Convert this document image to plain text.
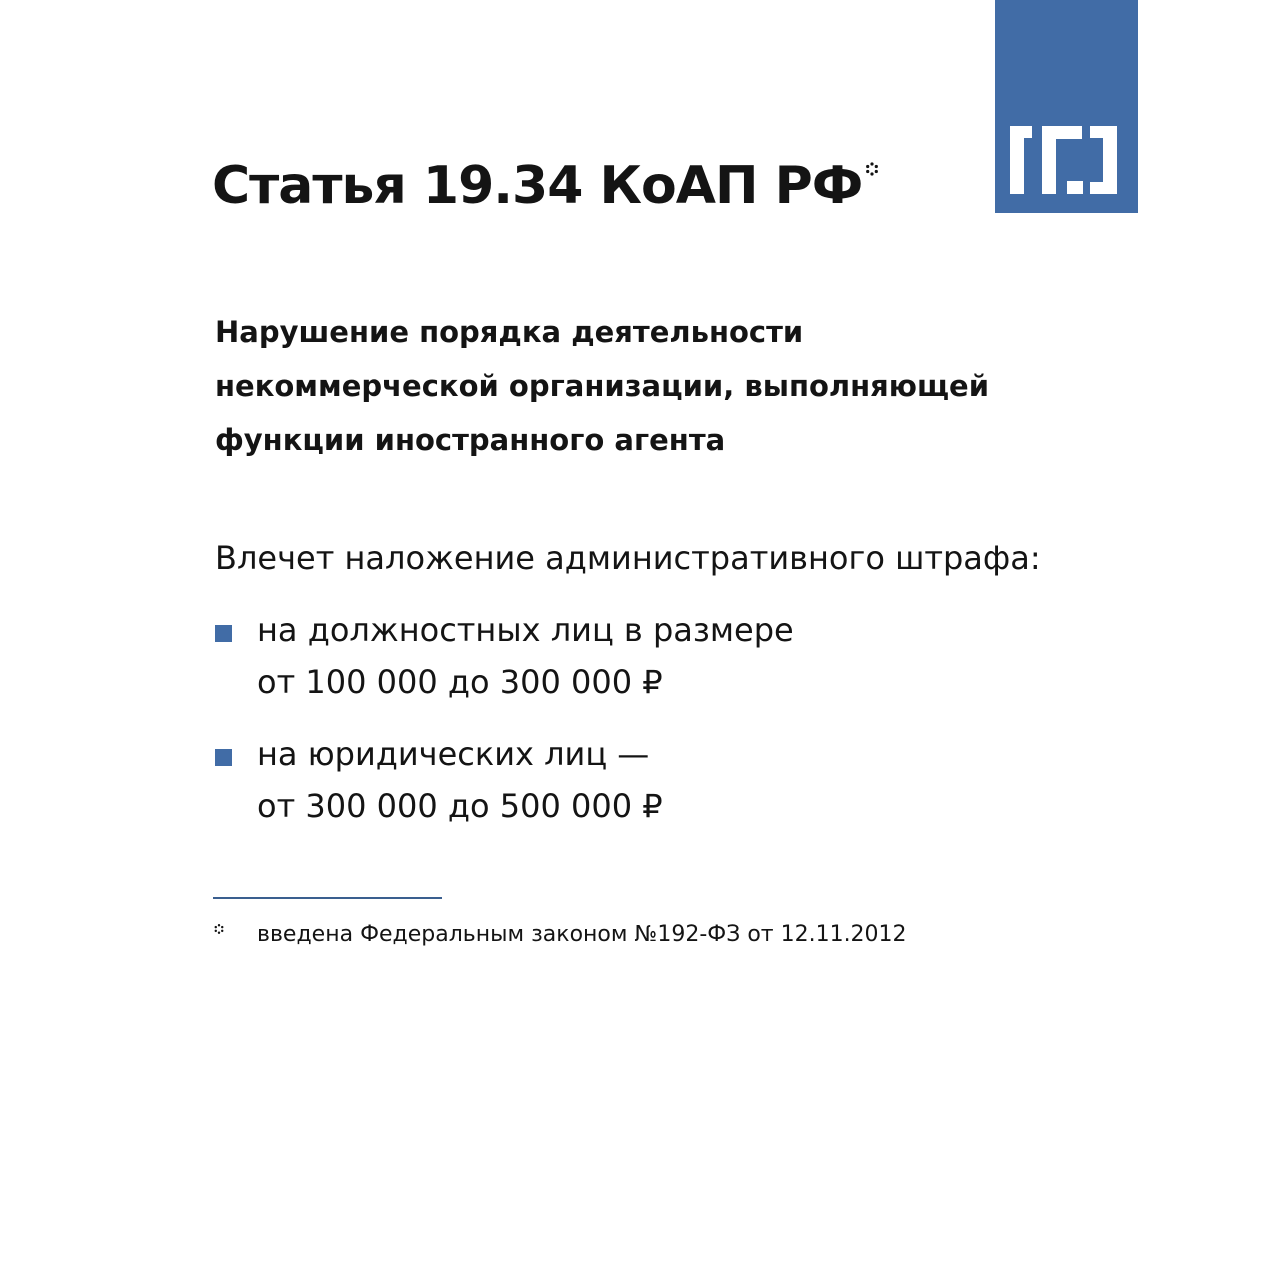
Статья 19.34 КоАП РФ
Нарушение порядка деятельности
некоммерческой организации, выполняющей
функции иностранного агента
Влечет наложение административного штрафа:
на должностных лиц в размере
от 100 000 до 300 000 ₽
на юридических лиц —
от 300 000 до 500 000 ₽
введена Федеральным законом №192-ФЗ от 12.11.2012
